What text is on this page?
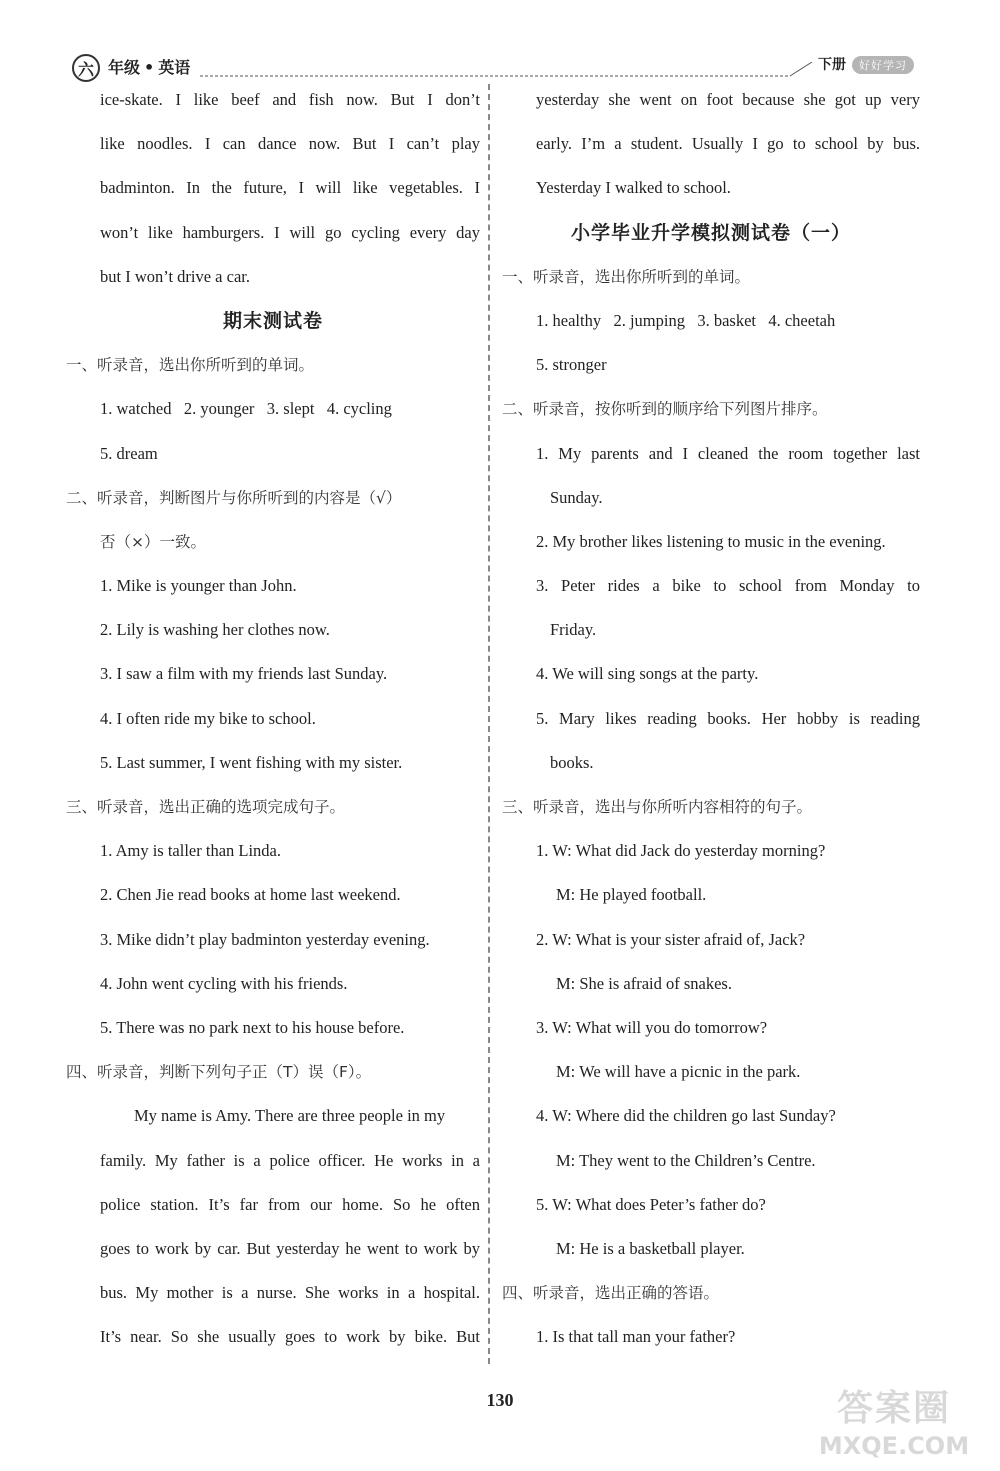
六 年级 • 英语	下册	好好学习
ice-skate. I like beef and fish now. But I don’t
like noodles. I can dance now. But I can’t play
badminton. In the future, I will like vegetables. I
won’t like hamburgers. I will go cycling every day
but I won’t drive a car.
期末测试卷
一、听录音，选出你所听到的单词。
1. watched   2. younger   3. slept   4. cycling
5. dream
二、听录音，判断图片与你所听到的内容是（√）
否（×）一致。
1. Mike is younger than John.
2. Lily is washing her clothes now.
3. I saw a film with my friends last Sunday.
4. I often ride my bike to school.
5. Last summer, I went fishing with my sister.
三、听录音，选出正确的选项完成句子。
1. Amy is taller than Linda.
2. Chen Jie read books at home last weekend.
3. Mike didn’t play badminton yesterday evening.
4. John went cycling with his friends.
5. There was no park next to his house before.
四、听录音，判断下列句子正（T）误（F）。
My name is Amy. There are three people in my
family. My father is a police officer. He works in a
police station. It’s far from our home. So he often
goes to work by car. But yesterday he went to work by
bus. My mother is a nurse. She works in a hospital.
It’s near. So she usually goes to work by bike. But
yesterday she went on foot because she got up very
early. I’m a student. Usually I go to school by bus.
Yesterday I walked to school.
小学毕业升学模拟测试卷（一）
一、听录音，选出你所听到的单词。
1. healthy   2. jumping   3. basket   4. cheetah
5. stronger
二、听录音，按你听到的顺序给下列图片排序。
1. My parents and I cleaned the room together last
Sunday.
2. My brother likes listening to music in the evening.
3. Peter rides a bike to school from Monday to
Friday.
4. We will sing songs at the party.
5. Mary likes reading books. Her hobby is reading
books.
三、听录音，选出与你所听内容相符的句子。
1. W: What did Jack do yesterday morning?
M: He played football.
2. W: What is your sister afraid of, Jack?
M: She is afraid of snakes.
3. W: What will you do tomorrow?
M: We will have a picnic in the park.
4. W: Where did the children go last Sunday?
M: They went to the Children’s Centre.
5. W: What does Peter’s father do?
M: He is a basketball player.
四、听录音，选出正确的答语。
1. Is that tall man your father?
130	答案圈
MXQE.COM
